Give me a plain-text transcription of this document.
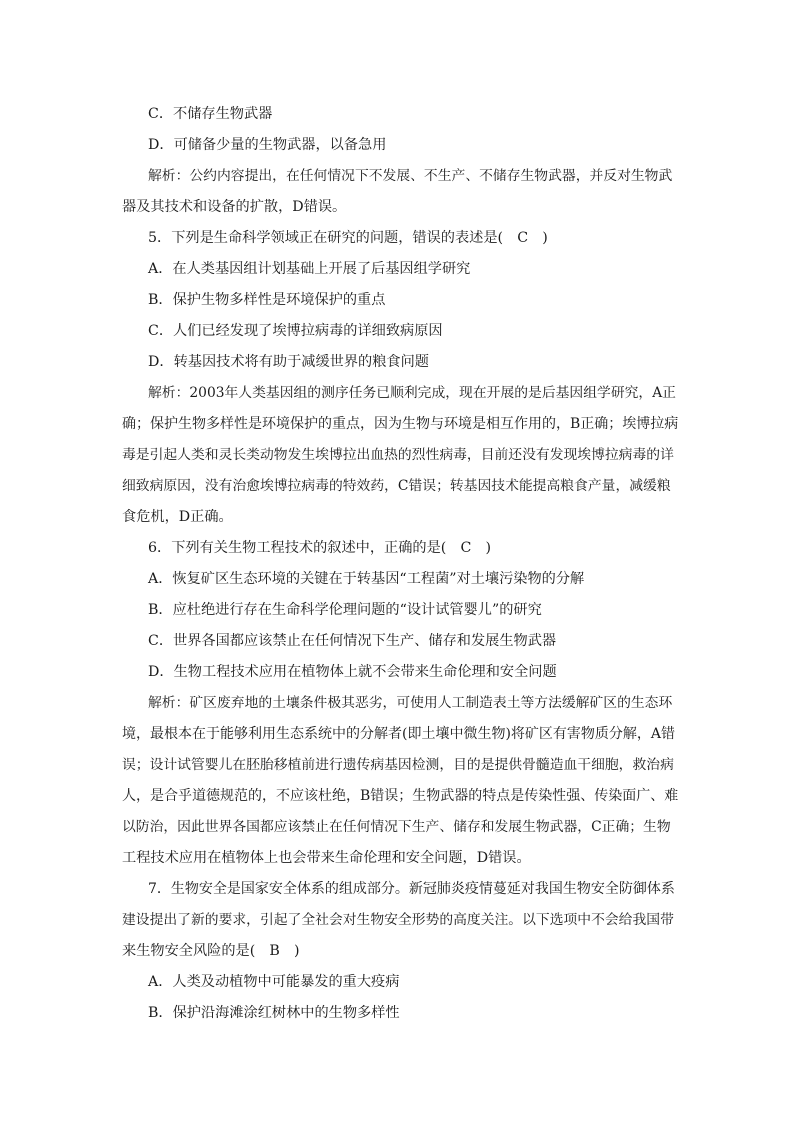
C．不储存生物武器
D．可储备少量的生物武器，以备急用
解析：公约内容提出，在任何情况下不发展、不生产、不储存生物武器，并反对生物武
器及其技术和设备的扩散，D错误。
5．下列是生命科学领域正在研究的问题，错误的表述是(　C　)
A．在人类基因组计划基础上开展了后基因组学研究
B．保护生物多样性是环境保护的重点
C．人们已经发现了埃博拉病毒的详细致病原因
D．转基因技术将有助于减缓世界的粮食问题
解析：2003年人类基因组的测序任务已顺利完成，现在开展的是后基因组学研究，A正
确；保护生物多样性是环境保护的重点，因为生物与环境是相互作用的，B正确；埃博拉病
毒是引起人类和灵长类动物发生埃博拉出血热的烈性病毒，目前还没有发现埃博拉病毒的详
细致病原因，没有治愈埃博拉病毒的特效药，C错误；转基因技术能提高粮食产量，减缓粮
食危机，D正确。
6．下列有关生物工程技术的叙述中，正确的是(　C　)
A．恢复矿区生态环境的关键在于转基因“工程菌”对土壤污染物的分解
B．应杜绝进行存在生命科学伦理问题的“设计试管婴儿”的研究
C．世界各国都应该禁止在任何情况下生产、储存和发展生物武器
D．生物工程技术应用在植物体上就不会带来生命伦理和安全问题
解析：矿区废弃地的土壤条件极其恶劣，可使用人工制造表土等方法缓解矿区的生态环
境，最根本在于能够利用生态系统中的分解者(即土壤中微生物)将矿区有害物质分解，A错
误；设计试管婴儿在胚胎移植前进行遗传病基因检测，目的是提供骨髓造血干细胞，救治病
人，是合乎道德规范的，不应该杜绝，B错误；生物武器的特点是传染性强、传染面广、难
以防治，因此世界各国都应该禁止在任何情况下生产、储存和发展生物武器，C正确；生物
工程技术应用在植物体上也会带来生命伦理和安全问题，D错误。
7．生物安全是国家安全体系的组成部分。新冠肺炎疫情蔓延对我国生物安全防御体系
建设提出了新的要求，引起了全社会对生物安全形势的高度关注。以下选项中不会给我国带
来生物安全风险的是(　B　)
A．人类及动植物中可能暴发的重大疫病
B．保护沿海滩涂红树林中的生物多样性
